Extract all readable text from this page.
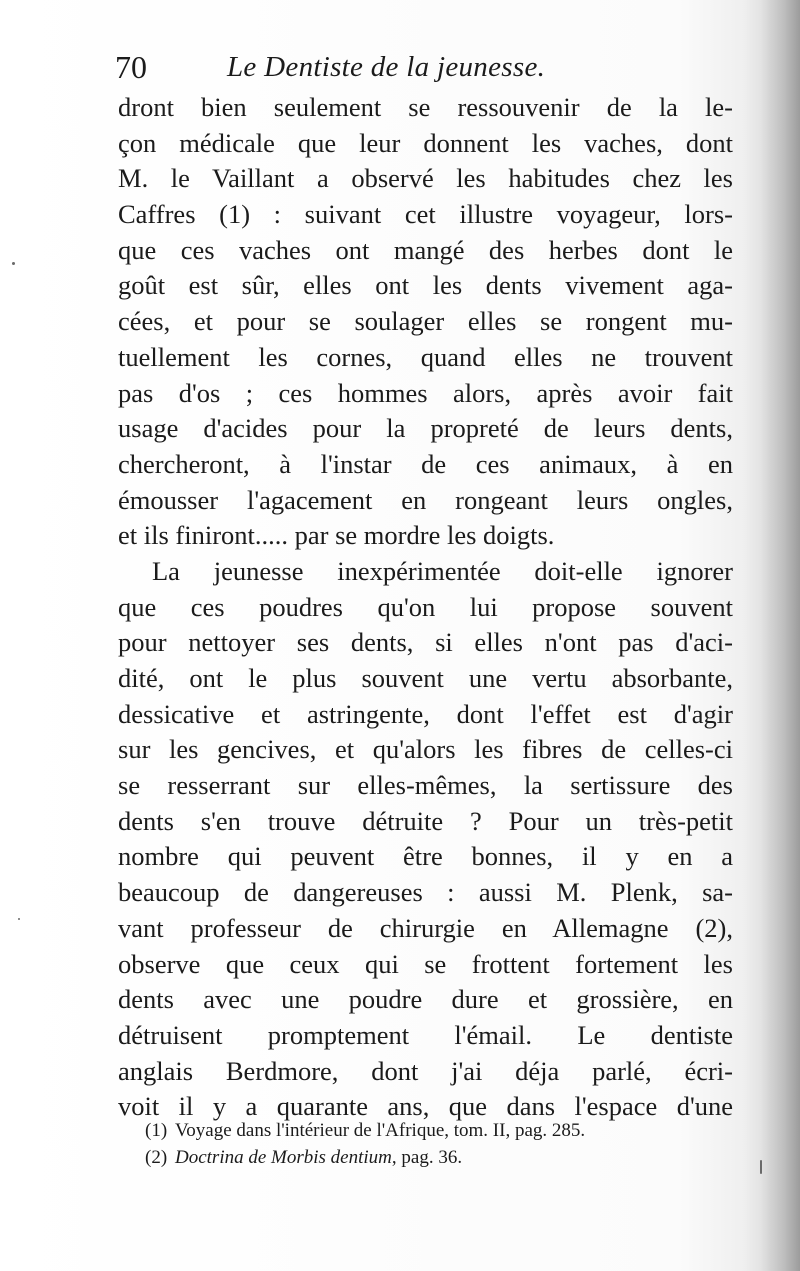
70	Le Dentiste de la jeunesse.
dront bien seulement se ressouvenir de la le-
çon médicale que leur donnent les vaches, dont
M. le Vaillant a observé les habitudes chez les
Caffres (1) : suivant cet illustre voyageur, lors-
que ces vaches ont mangé des herbes dont le
goût est sûr, elles ont les dents vivement aga-
cées, et pour se soulager elles se rongent mu-
tuellement les cornes, quand elles ne trouvent
pas d'os ; ces hommes alors, après avoir fait
usage d'acides pour la propreté de leurs dents,
chercheront, à l'instar de ces animaux, à en
émousser l'agacement en rongeant leurs ongles,
et ils finiront..... par se mordre les doigts.
La jeunesse inexpérimentée doit-elle ignorer
que ces poudres qu'on lui propose souvent
pour nettoyer ses dents, si elles n'ont pas d'aci-
dité, ont le plus souvent une vertu absorbante,
dessicative et astringente, dont l'effet est d'agir
sur les gencives, et qu'alors les fibres de celles-ci
se resserrant sur elles-mêmes, la sertissure des
dents s'en trouve détruite ? Pour un très-petit
nombre qui peuvent être bonnes, il y en a
beaucoup de dangereuses : aussi M. Plenk, sa-
vant professeur de chirurgie en Allemagne (2),
observe que ceux qui se frottent fortement les
dents avec une poudre dure et grossière, en
détruisent promptement l'émail. Le dentiste
anglais Berdmore, dont j'ai déja parlé, écri-
voit il y a quarante ans, que dans l'espace d'une
(1) Voyage dans l'intérieur de l'Afrique, tom. II, pag. 285.
(2) Doctrina de Morbis dentium, pag. 36.
